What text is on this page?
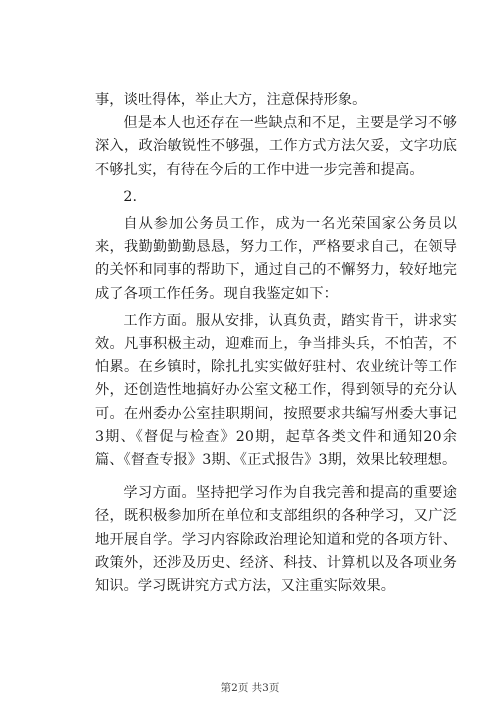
事，谈吐得体，举止大方，注意保持形象。

但是本人也还存在一些缺点和不足，主要是学习不够深入，政治敏锐性不够强，工作方式方法欠妥，文字功底不够扎实，有待在今后的工作中进一步完善和提高。

2.

自从参加公务员工作，成为一名光荣国家公务员以来，我勤勤勤勤恳恳，努力工作，严格要求自己，在领导的关怀和同事的帮助下，通过自己的不懈努力，较好地完成了各项工作任务。现自我鉴定如下：

工作方面。服从安排，认真负责，踏实肯干，讲求实效。凡事积极主动，迎难而上，争当排头兵，不怕苦，不怕累。在乡镇时，除扎扎实实做好驻村、农业统计等工作外，还创造性地搞好办公室文秘工作，得到领导的充分认可。在州委办公室挂职期间，按照要求共编写州委大事记3期、《督促与检查》20期，起草各类文件和通知20余篇、《督查专报》3期、《正式报告》3期，效果比较理想。

学习方面。坚持把学习作为自我完善和提高的重要途径，既积极参加所在单位和支部组织的各种学习，又广泛地开展自学。学习内容除政治理论知道和党的各项方针、政策外，还涉及历史、经济、科技、计算机以及各项业务知识。学习既讲究方式方法，又注重实际效果。

第2页 共3页
